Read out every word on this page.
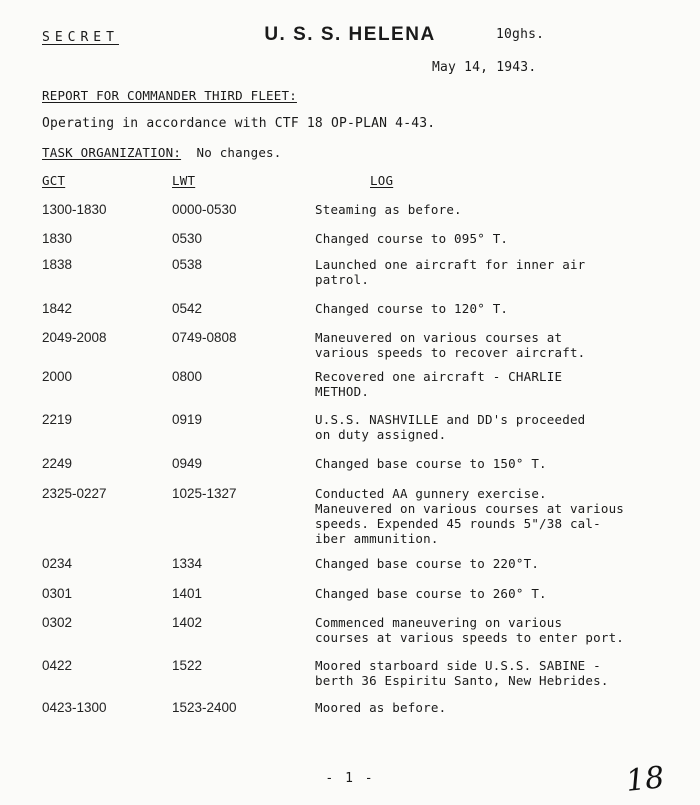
SECRET	U. S. S. HELENA	10ghs.
May 14, 1943.
REPORT FOR COMMANDER THIRD FLEET:
Operating in accordance with CTF 18 OP-PLAN 4-43.
TASK ORGANIZATION: No changes.
GCT	LWT	LOG
1300-1830	0000-0530	Steaming as before.
1830	0530	Changed course to 095° T.
1838	0538	Launched one aircraft for inner air
patrol.
1842	0542	Changed course to 120° T.
2049-2008	0749-0808	Maneuvered on various courses at
various speeds to recover aircraft.
2000	0800	Recovered one aircraft - CHARLIE
METHOD.
2219	0919	U.S.S. NASHVILLE and DD's proceeded
on duty assigned.
2249	0949	Changed base course to 150° T.
2325-0227	1025-1327	Conducted AA gunnery exercise.
Maneuvered on various courses at various
speeds. Expended 45 rounds 5"/38 cal-
iber ammunition.
0234	1334	Changed base course to 220°T.
0301	1401	Changed base course to 260° T.
0302	1402	Commenced maneuvering on various
courses at various speeds to enter port.
0422	1522	Moored starboard side U.S.S. SABINE -
berth 36 Espiritu Santo, New Hebrides.
0423-1300	1523-2400	Moored as before.
- 1 -	18
